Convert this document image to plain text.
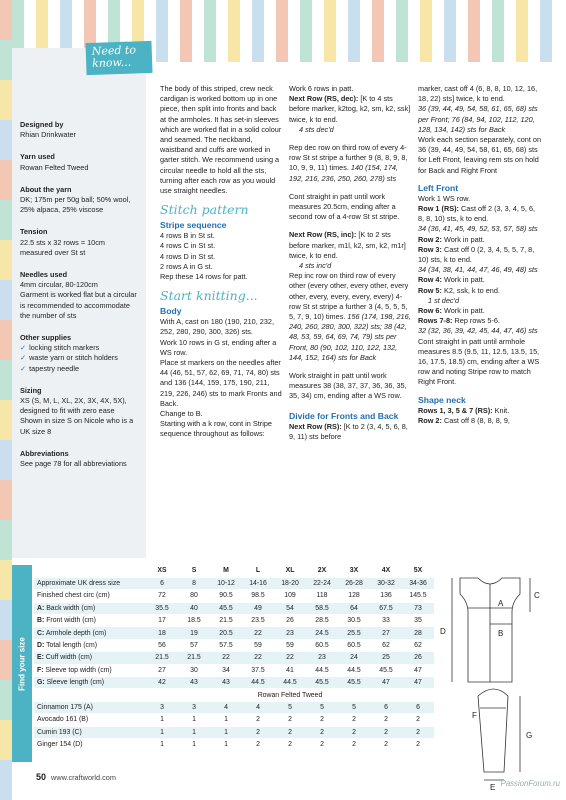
Need to know...
Designed by
Rhian Drinkwater
Yarn used
Rowan Felted Tweed
About the yarn
DK; 175m per 50g ball; 50% wool, 25% alpaca, 25% viscose
Tension
22.5 sts x 32 rows = 10cm measured over St st
Needles used
4mm circular, 80-120cm
Garment is worked flat but a circular is recommended to accommodate the number of sts
Other supplies
✓ locking stitch markers
✓ waste yarn or stitch holders
✓ tapestry needle
Sizing
XS (S, M, L, XL, 2X, 3X, 4X, 5X), designed to fit with zero ease
Shown in size S on Nicole who is a UK size 8
Abbreviations
See page 78 for all abbreviations
The body of this striped, crew neck cardigan is worked bottom up in one piece, then split into fronts and back at the armholes. It has set-in sleeves which are worked flat in a solid colour and seamed. The neckband, waistband and cuffs are worked in garter stitch. We recommend using a circular needle to hold all the sts, turning after each row as you would use straight needles.
Stitch pattern
Stripe sequence
4 rows B in St st.
4 rows C in St st.
4 rows D in St st.
2 rows A in G st.
Rep these 14 rows for patt.
Start knitting...
Body
With A, cast on 180 (190, 210, 232, 252, 280, 290, 300, 326) sts.
Work 10 rows in G st, ending after a WS row.
Place st markers on the needles after 44 (46, 51, 57, 62, 69, 71, 74, 80) sts and 136 (144, 159, 175, 190, 211, 219, 226, 246) sts to mark Fronts and Back.
Change to B.
Starting with a k row, cont in Stripe sequence throughout as follows:
Work 6 rows in patt.
Next Row (RS, dec): [K to 4 sts before marker, k2tog, k2, sm, k2, ssk] twice, k to end.
4 sts dec'd
Rep dec row on third row of every 4-row St st stripe a further 9 (8, 8, 9, 8, 10, 9, 9, 11) times. 140 (154, 174, 192, 216, 236, 250, 260, 278) sts
Cont straight in patt until work measures 20.5cm, ending after a second row of a 4-row St st stripe.
Next Row (RS, inc): [K to 2 sts before marker, m1l, k2, sm, k2, m1r] twice, k to end.
4 sts inc'd
Rep inc row on third row of every other (every other, every other, every other, every, every, every, every) 4-row St st stripe a further 3 (4, 5, 5, 5, 5, 7, 9, 10) times. 156 (174, 198, 216, 240, 260, 280, 300, 322) sts; 38 (42, 48, 53, 59, 64, 69, 74, 79) sts per Front, 80 (90, 102, 110, 122, 132, 144, 152, 164) sts for Back
Work straight in patt until work measures 38 (38, 37, 37, 36, 36, 35, 35, 34) cm, ending after a WS row.
Divide for Fronts and Back
Next Row (RS): [K to 2 (3, 4, 5, 6, 8, 9, 11) sts before
marker, cast off 4 (6, 8, 8, 10, 12, 16, 18, 22) sts] twice, k to end.
36 (39, 44, 49, 54, 58, 61, 65, 68) sts per Front; 76 (84, 94, 102, 112, 120, 128, 134, 142) sts for Back
Work each section separately, cont on 36 (39, 44, 49, 54, 58, 61, 65, 68) sts for Left Front, leaving rem sts on hold for Back and Right Front
Left Front
Work 1 WS row.
Row 1 (RS): Cast off 2 (3, 3, 4, 5, 6, 8, 8, 10) sts, k to end.
34 (36, 41, 45, 49, 52, 53, 57, 58) sts
Row 2: Work in patt.
Row 3: Cast off 0 (2, 3, 4, 5, 5, 7, 8, 10) sts, k to end.
34 (34, 38, 41, 44, 47, 46, 49, 48) sts
Row 4: Work in patt.
Row 5: K2, ssk, k to end.
1 st dec'd
Row 6: Work in patt.
Rows 7-8: Rep rows 5-6.
32 (32, 36, 39, 42, 45, 44, 47, 46) sts
Cont straight in patt until armhole measures 8.5 (9.5, 11, 12.5, 13.5, 15, 16, 17.5, 18.5) cm, ending after a WS row and noting Stripe row to match Right Front.
Shape neck
Rows 1, 3, 5 & 7 (RS): Knit.
Row 2: Cast off 8 (8, 8, 8, 9,
Find your size
	XS	S	M	L	XL	2X	3X	4X	5X
Approximate UK dress size	6	8	10-12	14-16	18-20	22-24	26-28	30-32	34-36
Finished chest circ (cm)	72	80	90.5	98.5	109	118	128	136	145.5
A: Back width (cm)	35.5	40	45.5	49	54	58.5	64	67.5	73
B: Front width (cm)	17	18.5	21.5	23.5	26	28.5	30.5	33	35
C: Armhole depth (cm)	18	19	20.5	22	23	24.5	25.5	27	28
D: Total length (cm)	56	57	57.5	59	59	60.5	60.5	62	62
E: Cuff width (cm)	21.5	21.5	22	22	22	23	24	25	26
F: Sleeve top width (cm)	27	30	34	37.5	41	44.5	44.5	45.5	47
G: Sleeve length (cm)	42	43	43	44.5	44.5	45.5	45.5	47	47
	Rowan Felted Tweed								
Cinnamon 175 (A)	3	3	4	4	5	5	5	6	6
Avocado 161 (B)	1	1	1	2	2	2	2	2	2
Cumin 193 (C)	1	1	1	2	2	2	2	2	2
Ginger 154 (D)	1	1	1	2	2	2	2	2	2
A
B
C
D
E
F
G
50 www.craftworld.com
PassionForum.ru
